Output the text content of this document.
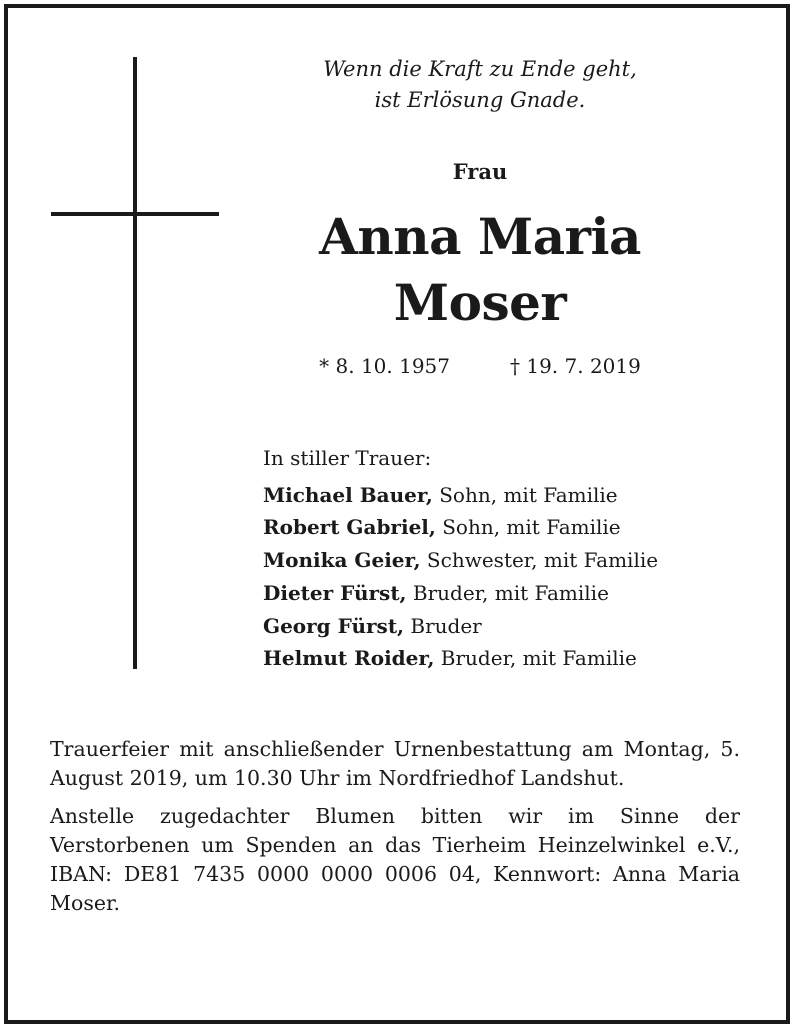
Wenn die Kraft zu Ende geht,
ist Erlösung Gnade.
Frau
Anna Maria
Moser
* 8. 10. 1957	† 19. 7. 2019
In stiller Trauer:
Michael Bauer, Sohn, mit Familie
Robert Gabriel, Sohn, mit Familie
Monika Geier, Schwester, mit Familie
Dieter Fürst, Bruder, mit Familie
Georg Fürst, Bruder
Helmut Roider, Bruder, mit Familie

Trauerfeier mit anschließender Urnenbestattung am Montag, 5. August 2019, um 10.30 Uhr im Nordfriedhof Landshut.

Anstelle zugedachter Blumen bitten wir im Sinne der Verstorbenen um Spenden an das Tierheim Heinzelwinkel e.V., IBAN: DE81 7435 0000 0000 0006 04, Kennwort: Anna Maria Moser.
